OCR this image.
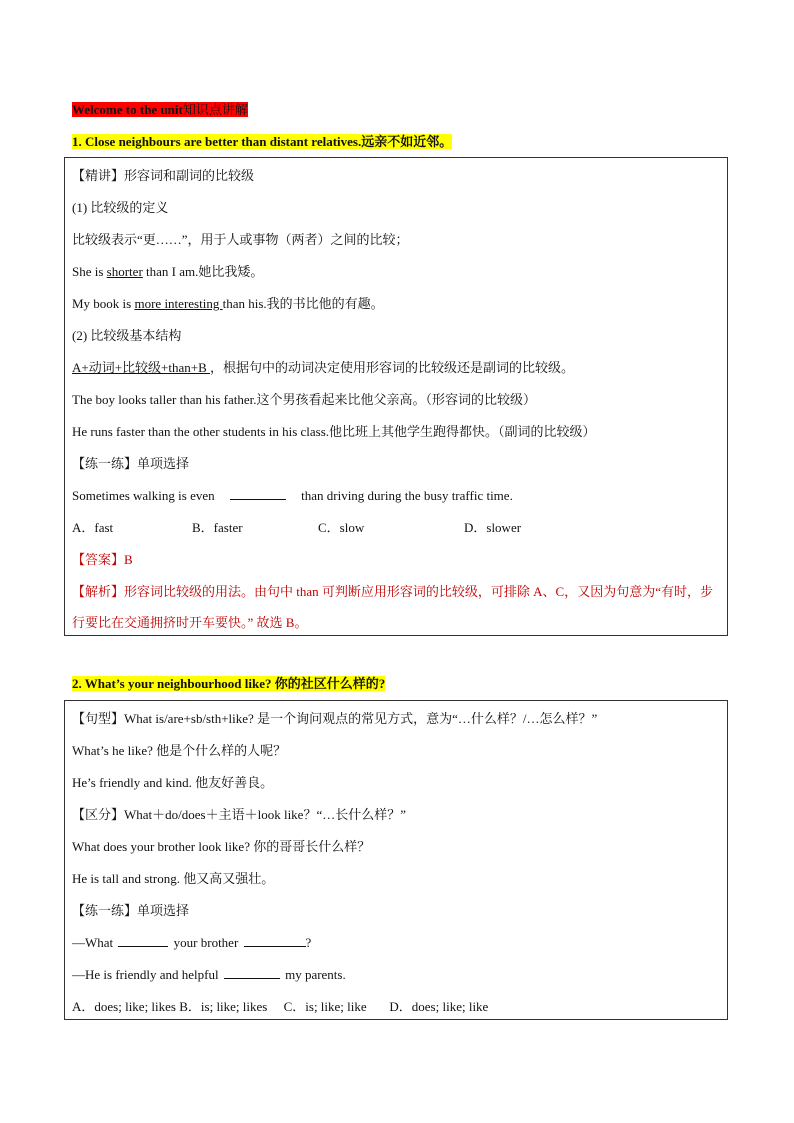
Welcome to the unit知识点讲解
1. Close neighbours are better than distant relatives.远亲不如近邻。
【精讲】形容词和副词的比较级
(1) 比较级的定义
比较级表示“更……”，用于人或事物（两者）之间的比较；
She is shorter than I am.她比我矮。
My book is more interesting than his.我的书比他的有趣。
(2) 比较级基本结构
A+动词+比较级+than+B ，根据句中的动词决定使用形容词的比较级还是副词的比较级。
The boy looks taller than his father.这个男孩看起来比他父亲高。（形容词的比较级）
He runs faster than the other students in his class.他比班上其他学生跑得都快。（副词的比较级）
【练一练】单项选择
Sometimes walking is even	than driving during the busy traffic time.
A．fast	B．faster	C．slow	D．slower
【答案】B
【解析】形容词比较级的用法。由句中 than 可判断应用形容词的比较级，可排除 A、C，又因为句意为“有时，步行要比在交通拥挤时开车要快。” 故选 B。
2. What’s your neighbourhood like? 你的社区什么样的?
【句型】What is/are+sb/sth+like? 是一个询问观点的常见方式，意为“…什么样？/…怎么样？”
What’s he like? 他是个什么样的人呢？
He’s friendly and kind. 他友好善良。
【区分】What＋do/does＋主语＋look like？“…长什么样？”
What does your brother look like? 你的哥哥长什么样？
He is tall and strong. 他又高又强壮。
【练一练】单项选择
—What	your brother	?
—He is friendly and helpful	my parents.
A．does; like; likes B．is; like; likes     C．is; like; like       D．does; like; like
